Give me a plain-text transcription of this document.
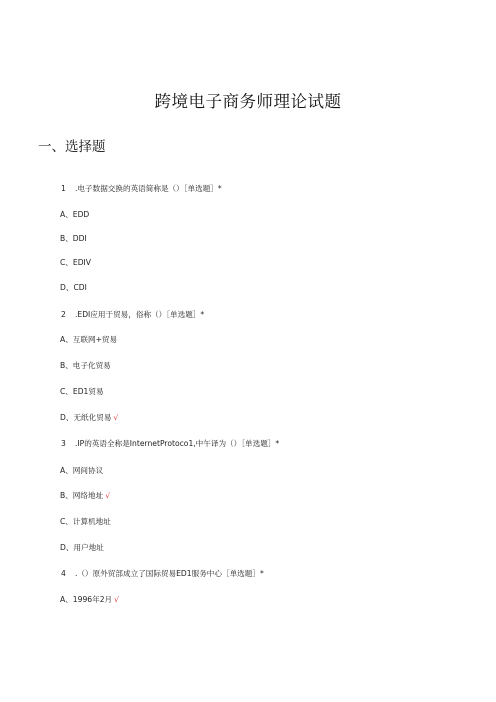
跨境电子商务师理论试题
一、选择题
1 .电子数据交换的英语简称是（）［单选题］*
A、EDD
B、DDI
C、EDIV
D、CDI
2 .EDI应用于贸易，俗称（）［单选题］*
A、互联网+贸易
B、电子化贸易
C、ED1贸易
D、无纸化贸易 √
3 .IP的英语全称是InternetProtoco1,中午译为（）［单选题］*
A、网间协议
B、网络地址 √
C、计算机地址
D、用户地址
4 .（）原外贸部成立了国际贸易ED1服务中心［单选题］*
A、1996年2月 √
